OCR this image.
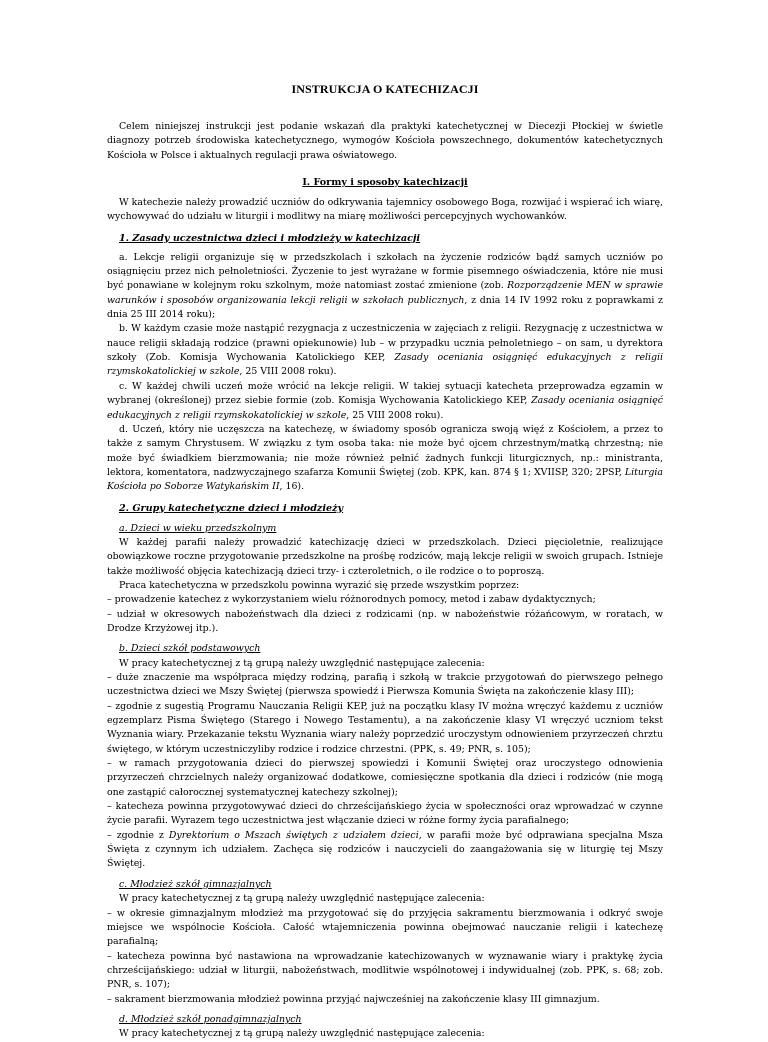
INSTRUKCJA O KATECHIZACJI

Celem niniejszej instrukcji jest podanie wskazań dla praktyki katechetycznej w Diecezji Płockiej w świetle diagnozy potrzeb środowiska katechetycznego, wymogów Kościoła powszechnego, dokumentów katechetycznych Kościoła w Polsce i aktualnych regulacji prawa oświatowego.

I. Formy i sposoby katechizacji

W katechezie należy prowadzić uczniów do odkrywania tajemnicy osobowego Boga, rozwijać i wspierać ich wiarę, wychowywać do udziału w liturgii i modlitwy na miarę możliwości percepcyjnych wychowanków.

1. Zasady uczestnictwa dzieci i młodzieży w katechizacji

a. Lekcje religii organizuje się w przedszkolach i szkołach na życzenie rodziców bądź samych uczniów po osiągnięciu przez nich pełnoletniości. Życzenie to jest wyrażane w formie pisemnego oświadczenia, które nie musi być ponawiane w kolejnym roku szkolnym, może natomiast zostać zmienione (zob. Rozporządzenie MEN w sprawie warunków i sposobów organizowania lekcji religii w szkołach publicznych, z dnia 14 IV 1992 roku z poprawkami z dnia 25 III 2014 roku);

b. W każdym czasie może nastąpić rezygnacja z uczestniczenia w zajęciach z religii. Rezygnację z uczestnictwa w nauce religii składają rodzice (prawni opiekunowie) lub – w przypadku ucznia pełnoletniego – on sam, u dyrektora szkoły (Zob. Komisja Wychowania Katolickiego KEP, Zasady oceniania osiągnięć edukacyjnych z religii rzymskokatolickiej w szkole, 25 VIII 2008 roku).

c. W każdej chwili uczeń może wrócić na lekcje religii. W takiej sytuacji katecheta przeprowadza egzamin w wybranej (określonej) przez siebie formie (zob. Komisja Wychowania Katolickiego KEP, Zasady oceniania osiągnięć edukacyjnych z religii rzymskokatolickiej w szkole, 25 VIII 2008 roku).

d. Uczeń, który nie uczęszcza na katechezę, w świadomy sposób ogranicza swoją więź z Kościołem, a przez to także z samym Chrystusem. W związku z tym osoba taka: nie może być ojcem chrzestnym/matką chrzestną; nie może być świadkiem bierzmowania; nie może również pełnić żadnych funkcji liturgicznych, np.: ministranta, lektora, komentatora, nadzwyczajnego szafarza Komunii Świętej (zob. KPK, kan. 874 § 1; XVIISP, 320; 2PSP, Liturgia Kościoła po Soborze Watykańskim II, 16).

2. Grupy katechetyczne dzieci i młodzieży
a. Dzieci w wieku przedszkolnym

W każdej parafii należy prowadzić katechizację dzieci w przedszkolach. Dzieci pięcioletnie, realizujące obowiązkowe roczne przygotowanie przedszkolne na prośbę rodziców, mają lekcje religii w swoich grupach. Istnieje także możliwość objęcia katechizacją dzieci trzy- i czteroletnich, o ile rodzice o to poproszą.

Praca katechetyczna w przedszkolu powinna wyrazić się przede wszystkim poprzez:

– prowadzenie katechez z wykorzystaniem wielu różnorodnych pomocy, metod i zabaw dydaktycznych;

– udział w okresowych nabożeństwach dla dzieci z rodzicami (np. w nabożeństwie różańcowym, w roratach, w Drodze Krzyżowej itp.).

b. Dzieci szkół podstawowych

W pracy katechetycznej z tą grupą należy uwzględnić następujące zalecenia:

– duże znaczenie ma współpraca między rodziną, parafią i szkołą w trakcie przygotowań do pierwszego pełnego uczestnictwa dzieci we Mszy Świętej (pierwsza spowiedź i Pierwsza Komunia Święta na zakończenie klasy III);

– zgodnie z sugestią Programu Nauczania Religii KEP, już na początku klasy IV można wręczyć każdemu z uczniów egzemplarz Pisma Świętego (Starego i Nowego Testamentu), a na zakończenie klasy VI wręczyć uczniom tekst Wyznania wiary. Przekazanie tekstu Wyznania wiary należy poprzedzić uroczystym odnowieniem przyrzeczeń chrztu świętego, w którym uczestniczyliby rodzice i rodzice chrzestni. (PPK, s. 49; PNR, s. 105);

– w ramach przygotowania dzieci do pierwszej spowiedzi i Komunii Świętej oraz uroczystego odnowienia przyrzeczeń chrzcielnych należy organizować dodatkowe, comiesięczne spotkania dla dzieci i rodziców (nie mogą one zastąpić całorocznej systematycznej katechezy szkolnej);

– katecheza powinna przygotowywać dzieci do chrześcijańskiego życia w społeczności oraz wprowadzać w czynne życie parafii. Wyrazem tego uczestnictwa jest włączanie dzieci w różne formy życia parafialnego;

– zgodnie z Dyrektorium o Mszach świętych z udziałem dzieci, w parafii może być odprawiana specjalna Msza Święta z czynnym ich udziałem. Zachęca się rodziców i nauczycieli do zaangażowania się w liturgię tej Mszy Świętej.

c. Młodzież szkół gimnazjalnych

W pracy katechetycznej z tą grupą należy uwzględnić następujące zalecenia:

– w okresie gimnazjalnym młodzież ma przygotować się do przyjęcia sakramentu bierzmowania i odkryć swoje miejsce we wspólnocie Kościoła. Całość wtajemniczenia powinna obejmować nauczanie religii i katechezę parafialną;

– katecheza powinna być nastawiona na wprowadzanie katechizowanych w wyznawanie wiary i praktykę życia chrześcijańskiego: udział w liturgii, nabożeństwach, modlitwie wspólnotowej i indywidualnej (zob. PPK, s. 68; zob. PNR, s. 107);

– sakrament bierzmowania młodzież powinna przyjąć najwcześniej na zakończenie klasy III gimnazjum.

d. Młodzież szkół ponadgimnazjalnych

W pracy katechetycznej z tą grupą należy uwzględnić następujące zalecenia:
